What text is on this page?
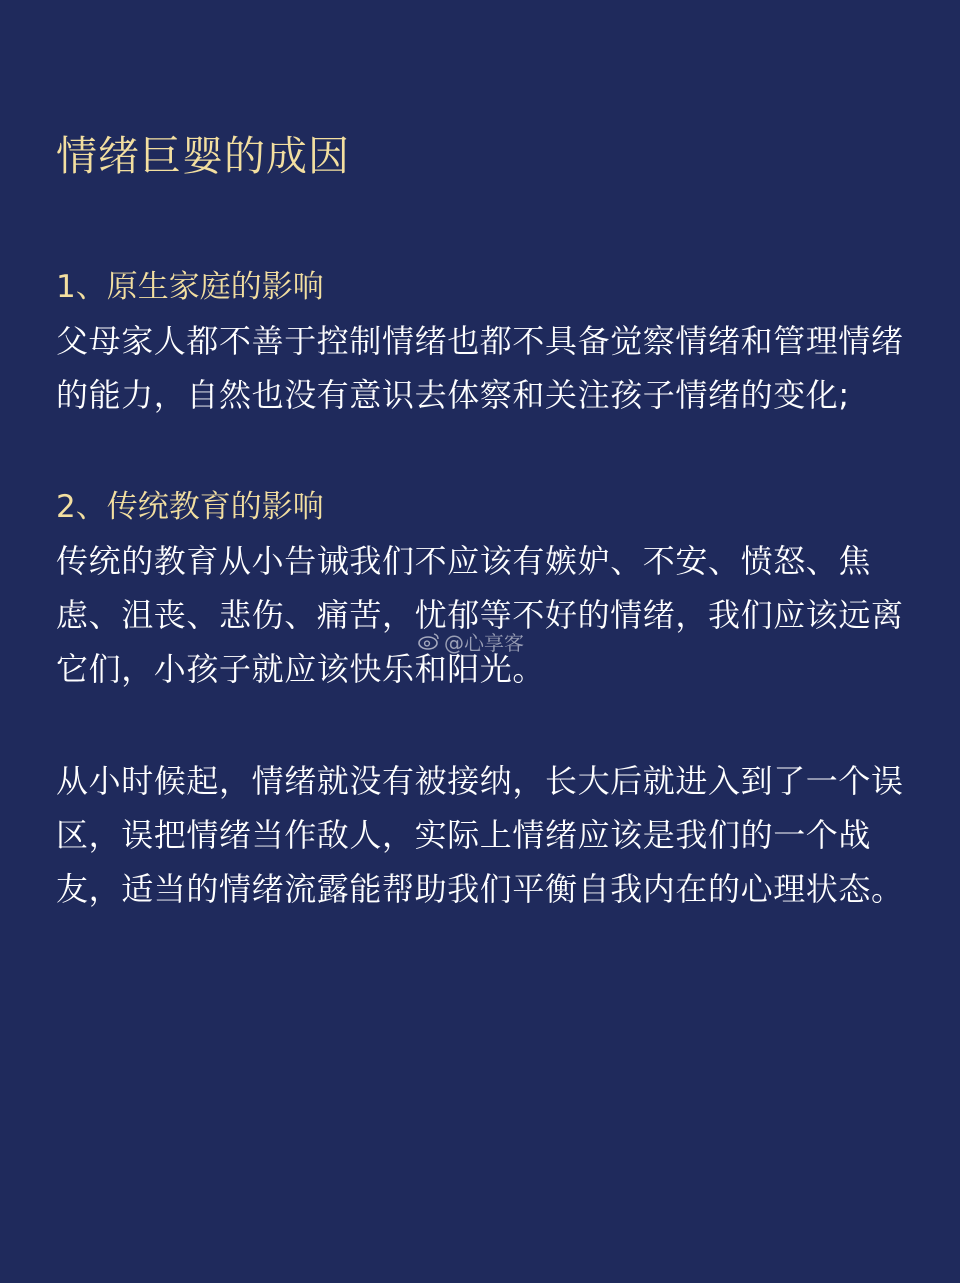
情绪巨婴的成因
1、原生家庭的影响

父母家人都不善于控制情绪也都不具备觉察情绪和管理情绪的能力，自然也没有意识去体察和关注孩子情绪的变化;

2、传统教育的影响

传统的教育从小告诫我们不应该有嫉妒、不安、愤怒、焦虑、沮丧、悲伤、痛苦，忧郁等不好的情绪，我们应该远离它们，小孩子就应该快乐和阳光。

从小时候起，情绪就没有被接纳，长大后就进入到了一个误区，误把情绪当作敌人，实际上情绪应该是我们的一个战友，适当的情绪流露能帮助我们平衡自我内在的心理状态。

@心享客
